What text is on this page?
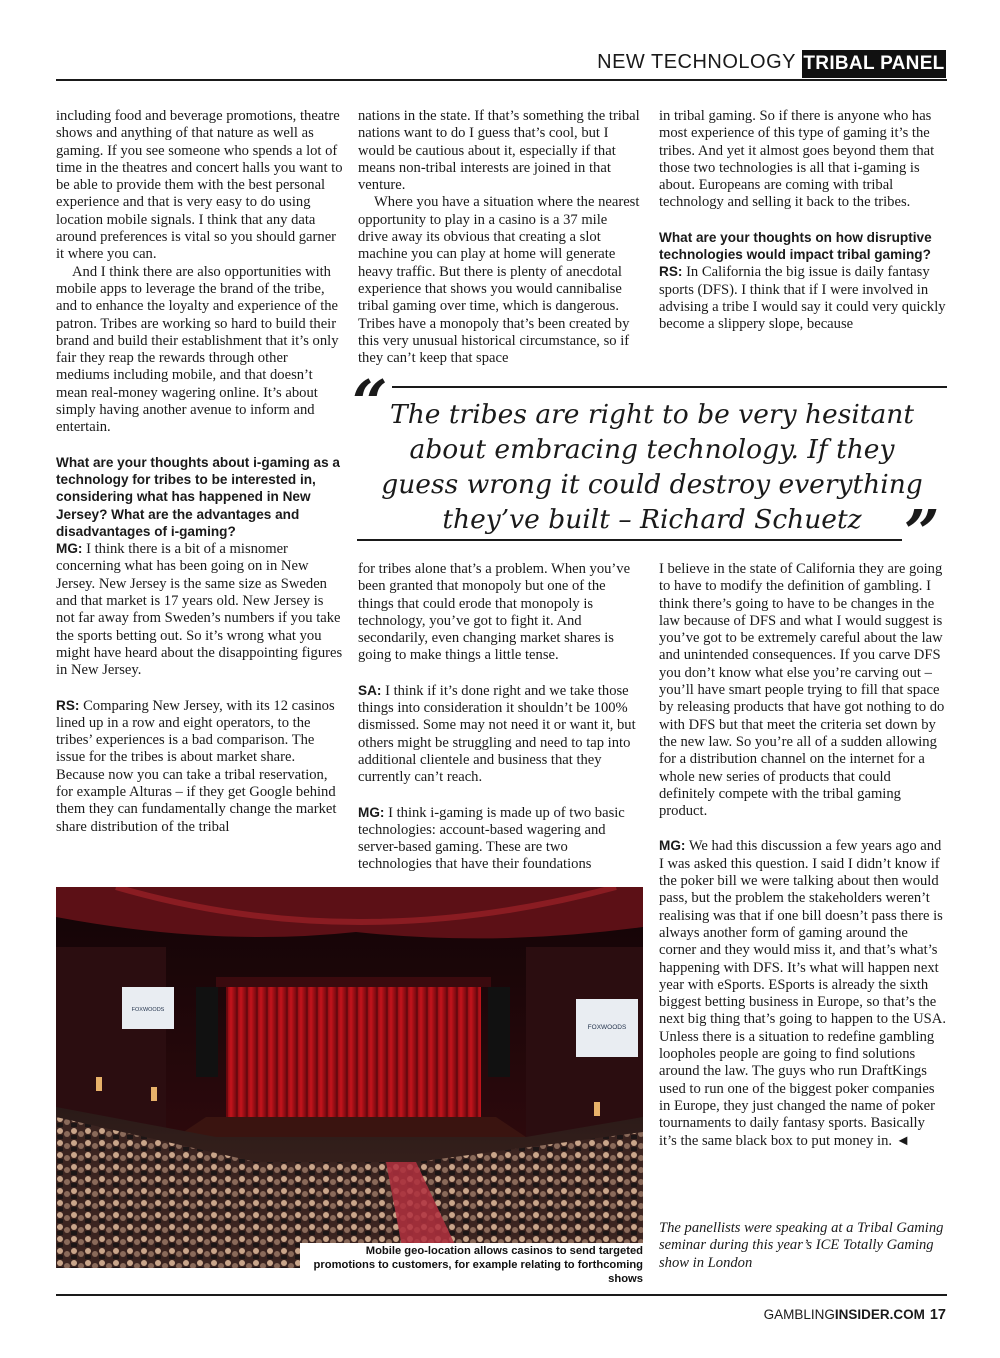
NEW TECHNOLOGY TRIBAL PANEL

including food and beverage promotions, theatre shows and anything of that nature as well as gaming. If you see someone who spends a lot of time in the theatres and concert halls you want to be able to provide them with the best personal experience and that is very easy to do using location mobile signals. I think that any data around preferences is vital so you should garner it where you can.

And I think there are also opportunities with mobile apps to leverage the brand of the tribe, and to enhance the loyalty and experience of the patron. Tribes are working so hard to build their brand and build their establishment that it’s only fair they reap the rewards through other mediums including mobile, and that doesn’t mean real-money wagering online. It’s about simply having another avenue to inform and entertain.

What are your thoughts about i-gaming as a technology for tribes to be interested in, considering what has happened in New Jersey? What are the advantages and disadvantages of i-gaming?

MG: I think there is a bit of a misnomer concerning what has been going on in New Jersey. New Jersey is the same size as Sweden and that market is 17 years old. New Jersey is not far away from Sweden’s numbers if you take the sports betting out. So it’s wrong what you might have heard about the disappointing figures in New Jersey.

RS: Comparing New Jersey, with its 12 casinos lined up in a row and eight operators, to the tribes’ experiences is a bad comparison. The issue for the tribes is about market share. Because now you can take a tribal reservation, for example Alturas – if they get Google behind them they can fundamentally change the market share distribution of the tribal

nations in the state. If that’s something the tribal nations want to do I guess that’s cool, but I would be cautious about it, especially if that means non-tribal interests are joined in that venture.

Where you have a situation where the nearest opportunity to play in a casino is a 37 mile drive away its obvious that creating a slot machine you can play at home will generate heavy traffic. But there is plenty of anecdotal experience that shows you would cannibalise tribal gaming over time, which is dangerous. Tribes have a monopoly that’s been created by this very unusual historical circumstance, so if they can’t keep that space

in tribal gaming. So if there is anyone who has most experience of this type of gaming it’s the tribes. And yet it almost goes beyond them that those two technologies is all that i-gaming is about. Europeans are coming with tribal technology and selling it back to the tribes.

What are your thoughts on how disruptive technologies would impact tribal gaming?

RS: In California the big issue is daily fantasy sports (DFS). I think that if I were involved in advising a tribe I would say it could very quickly become a slippery slope, because

“ The tribes are right to be very hesitant about embracing technology. If they guess wrong it could destroy everything they’ve built – Richard Schuetz ”

for tribes alone that’s a problem. When you’ve been granted that monopoly but one of the things that could erode that monopoly is technology, you’ve got to fight it. And secondarily, even changing market shares is going to make things a little tense.

SA: I think if it’s done right and we take those things into consideration it shouldn’t be 100% dismissed. Some may not need it or want it, but others might be struggling and need to tap into additional clientele and business that they currently can’t reach.

MG: I think i-gaming is made up of two basic technologies: account-based wagering and server-based gaming. These are two technologies that have their foundations

I believe in the state of California they are going to have to modify the definition of gambling. I think there’s going to have to be changes in the law because of DFS and what I would suggest is you’ve got to be extremely careful about the law and unintended consequences. If you carve DFS you don’t know what else you’re carving out – you’ll have smart people trying to fill that space by releasing products that have got nothing to do with DFS but that meet the criteria set down by the new law. So you’re all of a sudden allowing for a distribution channel on the internet for a whole new series of products that could definitely compete with the tribal gaming product.

MG: We had this discussion a few years ago and I was asked this question. I said I didn’t know if the poker bill we were talking about then would pass, but the problem the stakeholders weren’t realising was that if one bill doesn’t pass there is always another form of gaming around the corner and they would miss it, and that’s what’s happening with DFS. It’s what will happen next year with eSports. ESports is already the sixth biggest betting business in Europe, so that’s the next big thing that’s going to happen to the USA. Unless there is a situation to redefine gambling loopholes people are going to find solutions around the law. The guys who run DraftKings used to run one of the biggest poker companies in Europe, they just changed the name of poker tournaments to daily fantasy sports. Basically it’s the same black box to put money in. ◄

The panellists were speaking at a Tribal Gaming seminar during this year’s ICE Totally Gaming show in London
FOXWOODS
FOXWOODS
Mobile geo-location allows casinos to send targeted promotions to customers, for example relating to forthcoming shows
GAMBLINGINSIDER.COM 17
